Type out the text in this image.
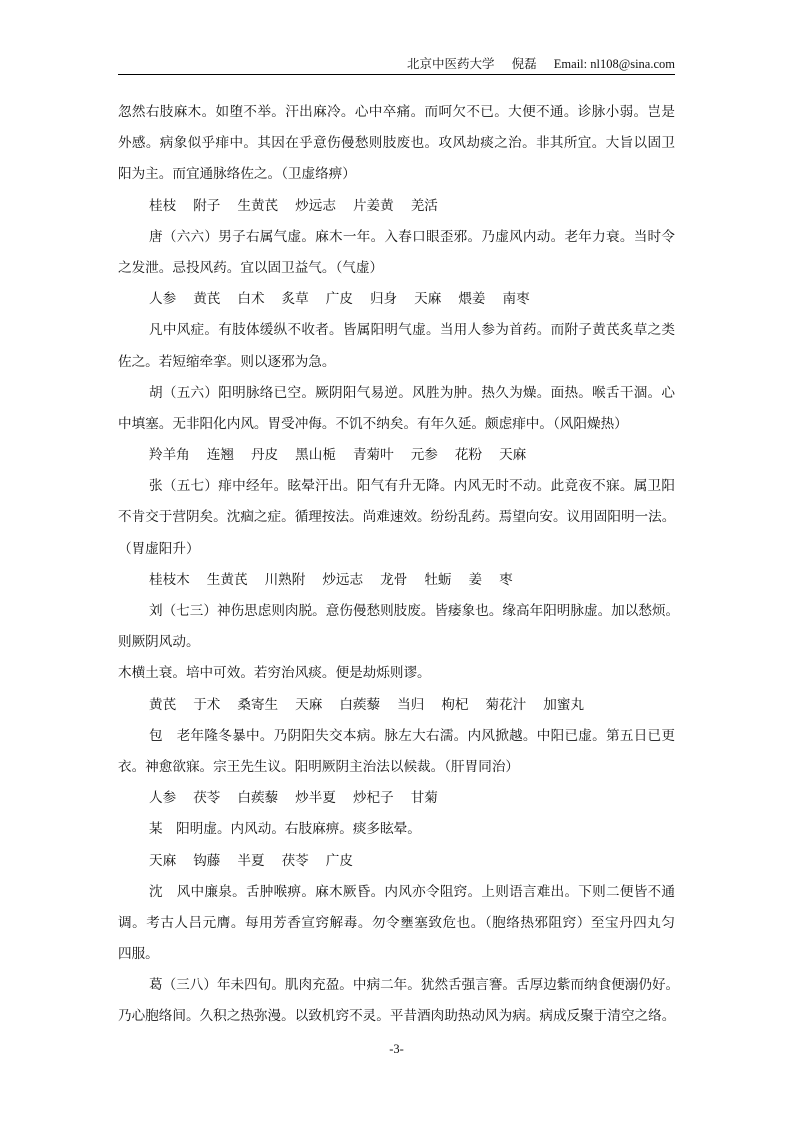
北京中医药大学 倪磊 Email: nl108@sina.com
忽然右肢麻木。如堕不举。汗出麻冷。心中卒痛。而呵欠不已。大便不通。诊脉小弱。岂是
外感。病象似乎痱中。其因在乎意伤僈愁则肢废也。攻风劫痰之治。非其所宜。大旨以固卫
阳为主。而宜通脉络佐之。（卫虚络痹）
桂枝 附子 生黄芪 炒远志 片姜黄 羌活
唐（六六）男子右属气虚。麻木一年。入春口眼歪邪。乃虚风内动。老年力衰。当时令
之发泄。忌投风药。宜以固卫益气。（气虚）
人参 黄芪 白术 炙草 广皮 归身 天麻 煨姜 南枣
凡中风症。有肢体缓纵不收者。皆属阳明气虚。当用人参为首药。而附子黄芪炙草之类
佐之。若短缩牵挛。则以逐邪为急。
胡（五六）阳明脉络已空。厥阴阳气易逆。风胜为肿。热久为燥。面热。喉舌干涸。心
中填塞。无非阳化内风。胃受冲侮。不饥不纳矣。有年久延。颇虑痱中。（风阳燥热）
羚羊角 连翘 丹皮 黑山栀 青菊叶 元参 花粉 天麻
张（五七）痱中经年。眩晕汗出。阳气有升无降。内风无时不动。此竟夜不寐。属卫阳
不肯交于营阴矣。沈痼之症。循理按法。尚难速效。纷纷乱药。焉望向安。议用固阳明一法。
（胃虚阳升）
桂枝木 生黄芪 川熟附 炒远志 龙骨 牡蛎 姜 枣
刘（七三）神伤思虑则肉脱。意伤僈愁则肢废。皆痿象也。缘高年阳明脉虚。加以愁烦。
则厥阴风动。
木横土衰。培中可效。若穷治风痰。便是劫烁则谬。
黄芪 于术 桑寄生 天麻 白蒺藜 当归 枸杞 菊花汁 加蜜丸
包　老年隆冬暴中。乃阴阳失交本病。脉左大右濡。内风掀越。中阳已虚。第五日已更
衣。神愈欲寐。宗王先生议。阳明厥阴主治法以候裁。（肝胃同治）
人参 茯苓 白蒺藜 炒半夏 炒杞子 甘菊
某　阳明虚。内风动。右肢麻痹。痰多眩晕。
天麻 钩藤 半夏 茯苓 广皮
沈　风中廉泉。舌肿喉痹。麻木厥昏。内风亦令阻窍。上则语言难出。下则二便皆不通
调。考古人吕元膺。每用芳香宣窍解毒。勿令壅塞致危也。（胞络热邪阻窍）至宝丹四丸匀
四服。
葛（三八）年未四旬。肌肉充盈。中病二年。犹然舌强言謇。舌厚边紫而纳食便溺仍好。
乃心胞络间。久积之热弥漫。以致机窍不灵。平昔酒肉助热动风为病。病成反聚于清空之络。
-3-
